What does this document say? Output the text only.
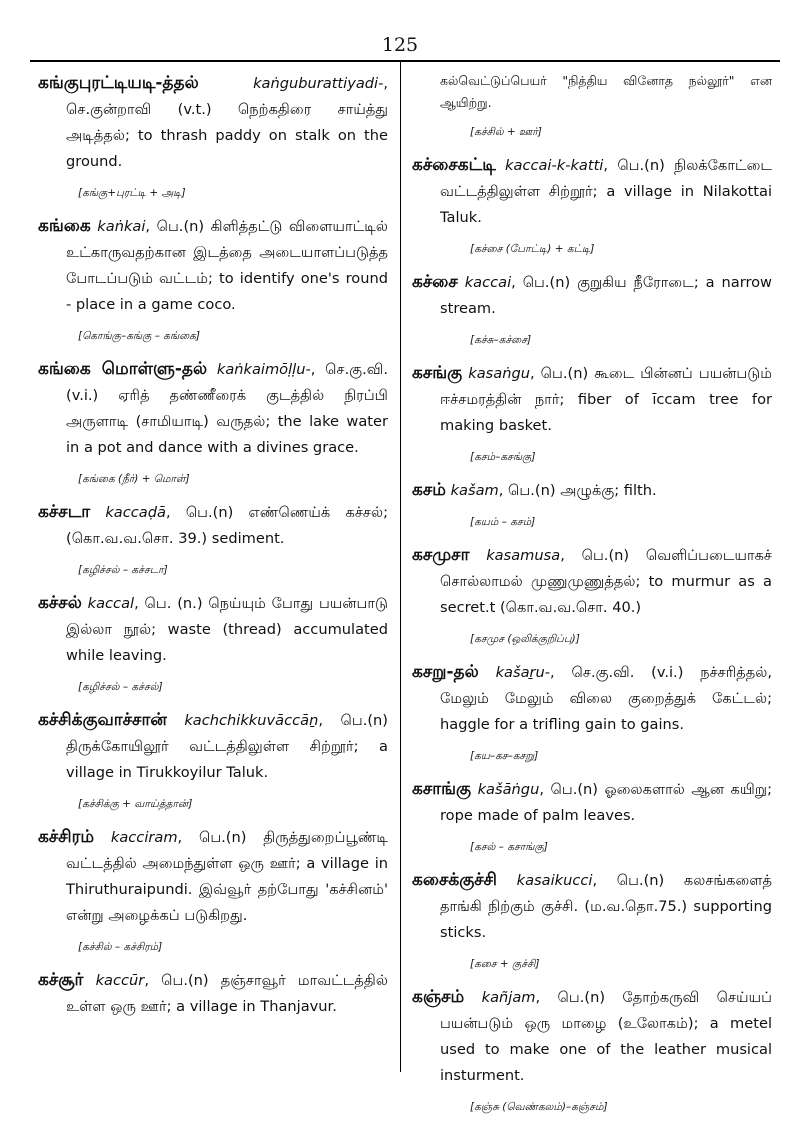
125

கங்குபுரட்டியடி-த்தல்	kaṅguburattiyadi-, செ.குன்றாவி (v.t.) நெற்கதிரை சாய்த்து அடித்தல்; to thrash paddy on stalk on the ground.

[கங்கு+புரட்டி + அடி]

கங்கை kaṅkai, பெ.(n) கிளித்தட்டு விளையாட்டில் உட்காருவதற்கான இடத்தை அடையாளப்படுத்த போடப்படும் வட்டம்; to identify one's round - place in a game coco.

[கொங்கு–கங்கு – கங்கை]

கங்கை மொள்ளு-தல் kaṅkaimōḷḷu-, செ.கு.வி. (v.i.) ஏரித் தண்ணீரைக் குடத்தில் நிரப்பி அருளாடி (சாமியாடி) வருதல்; the lake water in a pot and dance with a divines grace.

[கங்கை (நீர்) + மொள்]

கச்சடா kaccaḍā, பெ.(n) எண்ணெய்க் கச்சல்; (கொ.வ.வ.சொ. 39.) sediment.

[கழிச்சல் – கச்சடா]

கச்சல் kaccal, பெ. (n.) நெய்யும் போது பயன்பாடு இல்லா நூல்; waste (thread) accumulated while leaving.

[கழிச்சல் – கச்சல்]

கச்சிக்குவாச்சான் kachchikkuvāccāṉ, பெ.(n) திருக்கோயிலூர் வட்டத்திலுள்ள சிற்றூர்; a village in Tirukkoyilur Taluk.

[கச்சிக்கு + வாய்த்தான்]

கச்சிரம் kacciram, பெ.(n) திருத்துறைப்பூண்டி வட்டத்தில் அமைந்துள்ள ஒரு ஊர்; a village in Thiruthuraipundi. இவ்வூர் தற்போது 'கச்சினம்' என்று அழைக்கப் படுகிறது.

[கச்சில் – கச்சிரம்]

கச்சூர் kaccūr, பெ.(n) தஞ்சாவூர் மாவட்டத்தில் உள்ள ஒரு ஊர்; a village in Thanjavur.

கல்வெட்டுப்பெயர் "நித்திய வினோத நல்லூர்" என ஆயிற்று.
[கச்சில் + ஊர்]

கச்சைகட்டி kaccai-k-katti, பெ.(n) நிலக்கோட்டை வட்டத்திலுள்ள சிற்றூர்; a village in Nilakottai Taluk.

[கச்சை (போட்டி) + கட்டி]

கச்சை kaccai, பெ.(n) குறுகிய நீரோடை; a narrow stream.

[கச்சு–கச்சை]

கசங்கு kasaṅgu, பெ.(n) கூடை பின்னப் பயன்படும் ஈச்சமரத்தின் நார்; fiber of īccam tree for making basket.

[கசம்–கசங்கு]

கசம் kašam, பெ.(n) அழுக்கு; filth.

[கயம் – கசம்]

கசமுசா kasamusa, பெ.(n) வெளிப்படையாகச் சொல்லாமல் முணுமுணுத்தல்; to murmur as a secret.t (கொ.வ.வ.சொ. 40.)

[கசமுச (ஒலிக்குறிப்பு)]

கசறு-தல் kašaṟu-, செ.கு.வி. (v.i.) நச்சரித்தல், மேலும் மேலும் விலை குறைத்துக் கேட்டல்; haggle for a trifling gain to gains.

[கய–கச–கசறு]

கசாங்கு kašāṅgu, பெ.(n) ஓலைகளால் ஆன கயிறு; rope made of palm leaves.

[கசல் – கசாங்கு]

கசைக்குச்சி kasaikucci, பெ.(n) கலசங்களைத் தாங்கி நிற்கும் குச்சி. (ம.வ.தொ.75.) supporting sticks.

[கசை + குச்சி]

கஞ்சம் kañjam, பெ.(n) தோற்கருவி செய்யப் பயன்படும் ஒரு மாழை (உலோகம்); a metel used to make one of the leather musical insturment.

[கஞ்சு (வெண்கலம்)–கஞ்சம்]
